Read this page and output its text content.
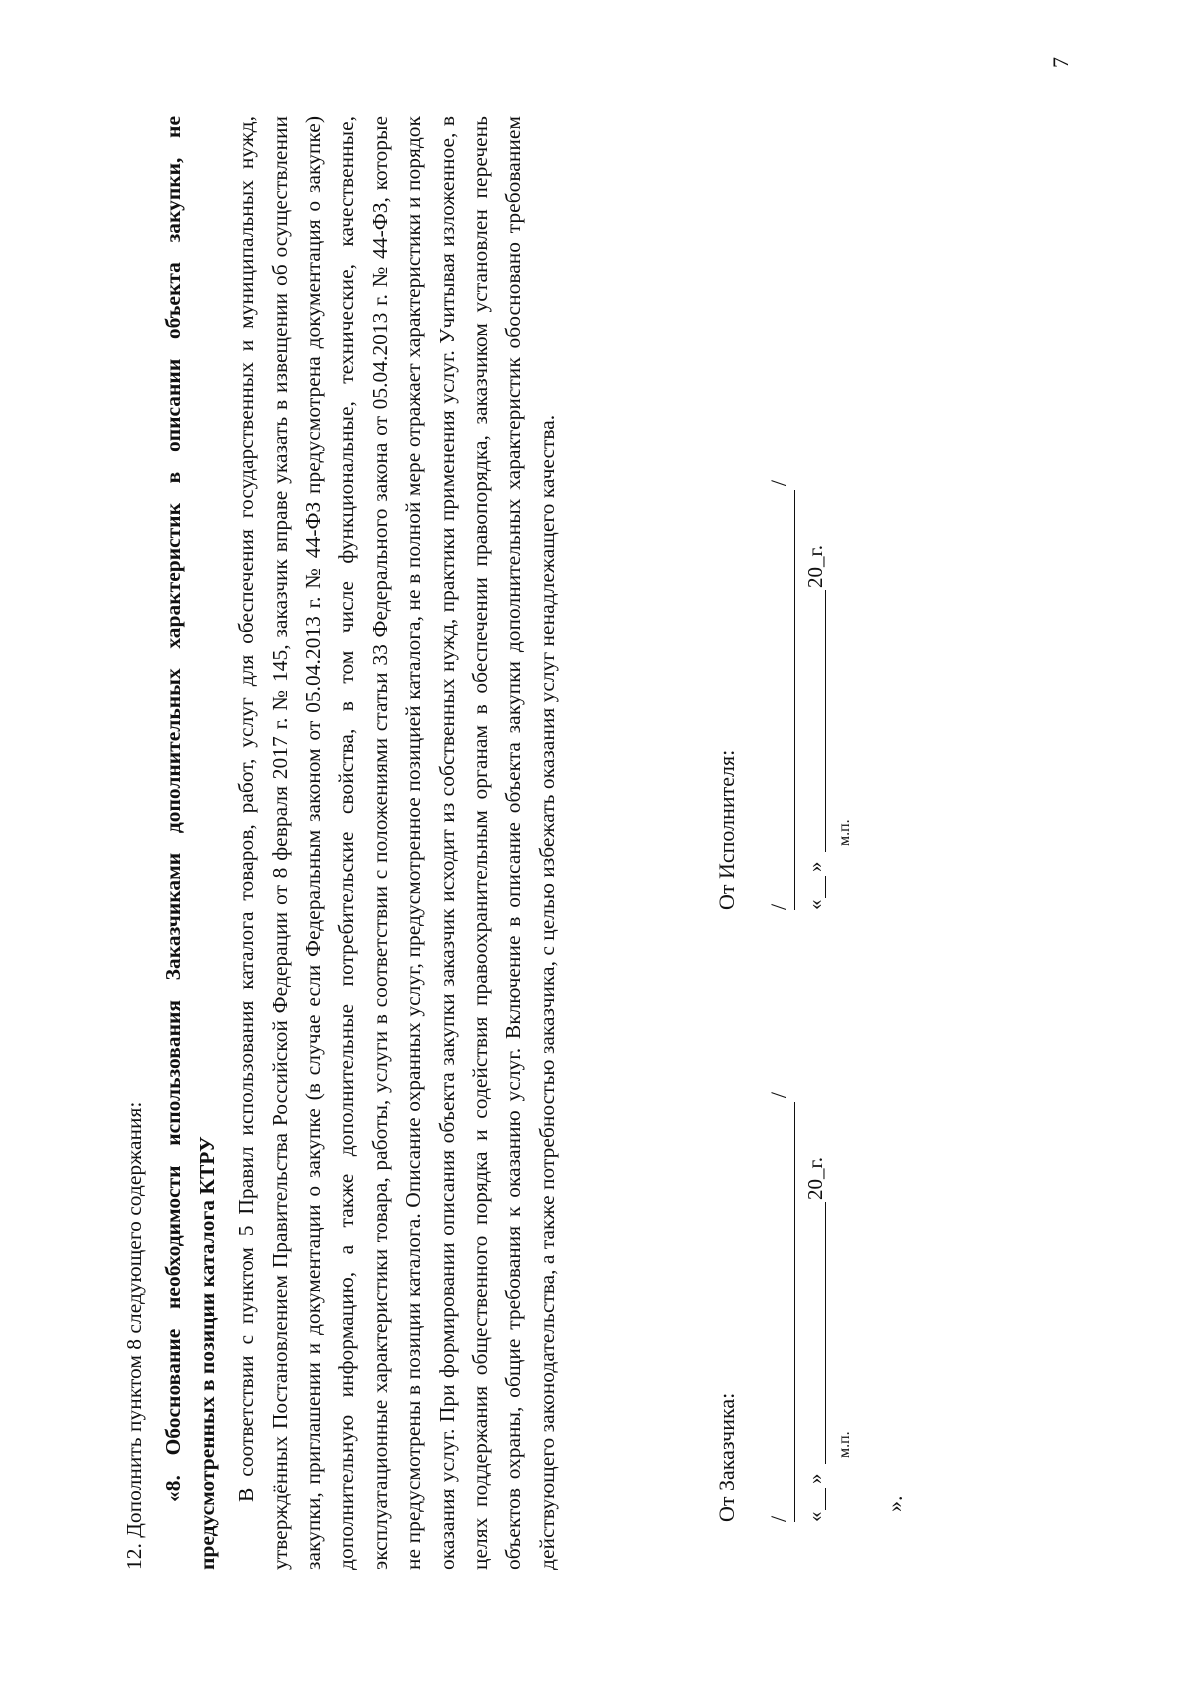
12. Дополнить пунктом 8 следующего содержания: «8. Обоснование необходимости использования Заказчиками дополнительных характеристик в описании объекта закупки, не предусмотренных в позиции каталога КТРУ В соответствии с пунктом 5 Правил использования каталога товаров, работ, услуг для обеспечения государственных и муниципальных нужд, утверждённых Постановлением Правительства Российской Федерации от 8 февраля 2017 г. № 145, заказчик вправе указать в извещении об осуществлении закупки, приглашении и документации о закупке (в случае если Федеральным законом от 05.04.2013 г. № 44-ФЗ предусмотрена документация о закупке) дополнительную информацию, а также дополнительные потребительские свойства, в том числе функциональные, технические, качественные, эксплуатационные характеристики товара, работы, услуги в соответствии с положениями статьи 33 Федерального закона от 05.04.2013 г. № 44-ФЗ, которые не предусмотрены в позиции каталога. Описание охранных услуг, предусмотренное позицией каталога, не в полной мере отражает характеристики и порядок оказания услуг. При формировании описания объекта закупки заказчик исходит из собственных нужд, практики применения услуг. Учитывая изложенное, в целях поддержания общественного порядка и содействия правоохранительным органам в обеспечении правопорядка, заказчиком установлен перечень объектов охраны, общие требования к оказанию услуг. Включение в описание объекта закупки дополнительных характеристик обосновано требованием действующего законодательства, а также потребностью заказчика, с целью избежать оказания услуг ненадлежащего качества.	От Заказчика: /
/
«
»
20_г.
м.п.
От Исполнителя: /
/
«
»
20_г.
м.п.
».
7
